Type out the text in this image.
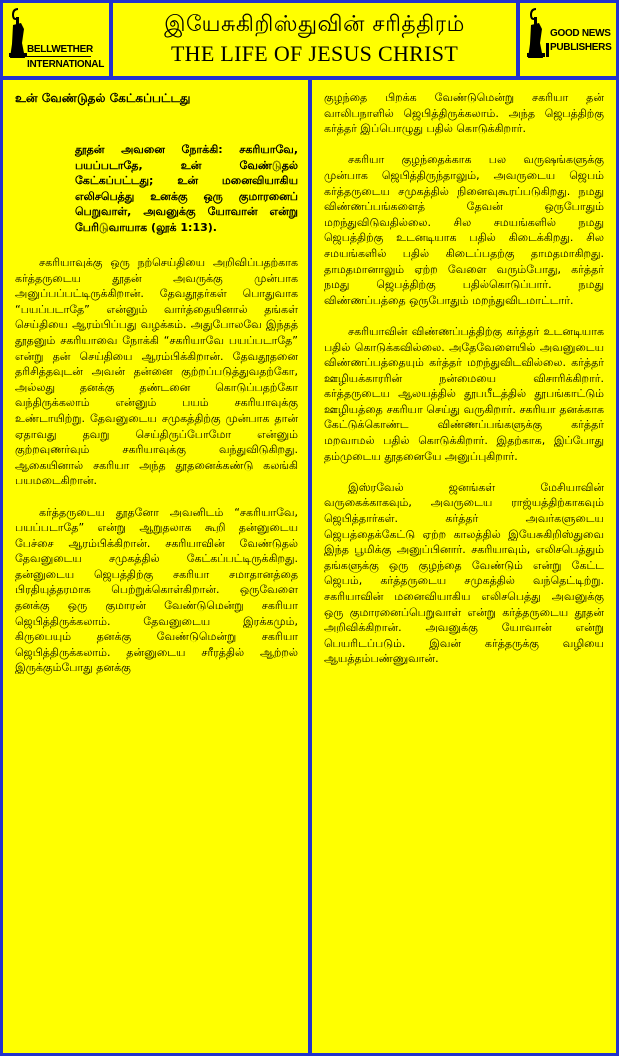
BELLWETHER
INTERNATIONAL
இயேசுகிறிஸ்துவின் சரித்திரம்
THE LIFE OF JESUS CHRIST
GOOD NEWS
PUBLISHERS
உன் வேண்டுதல் கேட்கப்பட்டது
தூதன் அவனை நோக்கி: சகரியாவே, பயப்படாதே, உன் வேண்டுதல் கேட்கப்பட்டது; உன் மனைவியாகிய எலிசபெத்து உனக்கு ஒரு குமாரனைப் பெறுவாள், அவனுக்கு யோவான் என்று பேரிடுவாயாக (லூக் 1:13).

சகரியாவுக்கு ஒரு நற்செய்தியை அறிவிப்பதற்காக கர்த்தருடைய தூதன் அவருக்கு முன்பாக அனுப்பப்பட்டிருக்கிறான். தேவதூதர்கள் பொதுவாக “பயப்படாதே” என்னும் வார்த்தையினால் தங்கள் செய்தியை ஆரம்பிப்பது வழக்கம். அதுபோலவே இந்தத் தூதனும் சகரியாவை நோக்கி “சகரியாவே பயப்படாதே” என்று தன் செய்தியை ஆரம்பிக்கிறான். தேவதூதனை தரிசித்தவுடன் அவன் தன்னை குற்றப்படுத்துவதற்கோ, அல்லது தனக்கு தண்டனை கொடுப்பதற்கோ வந்திருக்கலாம் என்னும் பயம் சகரியாவுக்கு உண்டாயிற்று. தேவனுடைய சமுகத்திற்கு முன்பாக தான் ஏதாவது தவறு செய்திருப்போமோ என்னும் குற்றவுணர்வும் சகரியாவுக்கு வந்துவிடுகிறது. ஆகையினால் சகரியா அந்த தூதனைக்கண்டு கலங்கி பயமடைகிறான்.

கர்த்தருடைய தூதனோ அவனிடம் “சகரியாவே, பயப்படாதே” என்று ஆறுதலாக கூறி தன்னுடைய பேச்சை ஆரம்பிக்கிறான். சகரியாவின் வேண்டுதல் தேவனுடைய சமுகத்தில் கேட்கப்பட்டிருக்கிறது. தன்னுடைய ஜெபத்திற்கு சகரியா சமாதானத்தை பிரதியுத்தரமாக பெற்றுக்கொள்கிறான். ஒருவேளை தனக்கு ஒரு குமாரன் வேண்டுமென்று சகரியா ஜெபித்திருக்கலாம். தேவனுடைய இரக்கமும், கிருபையும் தனக்கு வேண்டுமென்று சகரியா ஜெபித்திருக்கலாம். தன்னுடைய சரீரத்தில் ஆற்றல் இருக்கும்போது தனக்கு

குழந்தை பிறக்க வேண்டுமென்று சகரியா தன் வாலிபநாளில் ஜெபித்திருக்கலாம். அந்த ஜெபத்திற்கு கர்த்தர் இப்பொழுது பதில் கொடுக்கிறார்.

சகரியா குழந்தைக்காக பல வருஷங்களுக்கு முன்பாக ஜெபித்திருந்தாலும், அவருடைய ஜெபம் கர்த்தருடைய சமுகத்தில் நினைவுகூரப்படுகிறது. நமது விண்ணப்பங்களைத் தேவன் ஒருபோதும் மறந்துவிடுவதில்லை. சில சமயங்களில் நமது ஜெபத்திற்கு உடனடியாக பதில் கிடைக்கிறது. சில சமயங்களில் பதில் கிடைப்பதற்கு தாமதமாகிறது. தாமதமானாலும் ஏற்ற வேளை வரும்போது, கர்த்தர் நமது ஜெபத்திற்கு பதில்கொடுப்பார். நமது விண்ணப்பத்தை ஒருபோதும் மறந்துவிடமாட்டார்.

சகரியாவின் விண்ணப்பத்திற்கு கர்த்தர் உடனடியாக பதில் கொடுக்கவில்லை. அதேவேளையில் அவனுடைய விண்ணப்பத்தையும் கர்த்தர் மறந்துவிடவில்லை. கர்த்தர் ஊழியக்காரரின் நன்மையை விசாரிக்கிறார். கர்த்தருடைய ஆலயத்தில் தூபபீடத்தில் தூபங்காட்டும் ஊழியத்தை சகரியா செய்து வருகிறார். சகரியா தனக்காக கேட்டுக்கொண்ட விண்ணப்பங்களுக்கு கர்த்தர் மறவாமல் பதில் கொடுக்கிறார். இதற்காக, இப்போது தம்முடைய தூதனையே அனுப்புகிறார்.

இஸ்ரவேல் ஜனங்கள் மேசியாவின் வருகைக்காகவும், அவருடைய ராஜ்யத்திற்காகவும் ஜெபித்தார்கள். கர்த்தர் அவர்களுடைய ஜெபத்தைக்கேட்டு ஏற்ற காலத்தில் இயேசுகிறிஸ்துவை இந்த பூமிக்கு அனுப்பினார். சகரியாவும், எலிசபெத்தும் தங்களுக்கு ஒரு குழந்தை வேண்டும் என்று கேட்ட ஜெபம், கர்த்தருடைய சமுகத்தில் வந்தெட்டிற்று. சகரியாவின் மனைவியாகிய எலிசபெத்து அவனுக்கு ஒரு குமாரனைப்பெறுவாள் என்று கர்த்தருடைய தூதன் அறிவிக்கிறான். அவனுக்கு யோவான் என்று பெயரிடப்படும். இவன் கர்த்தருக்கு வழியை ஆயத்தம்பண்ணுவான்.
